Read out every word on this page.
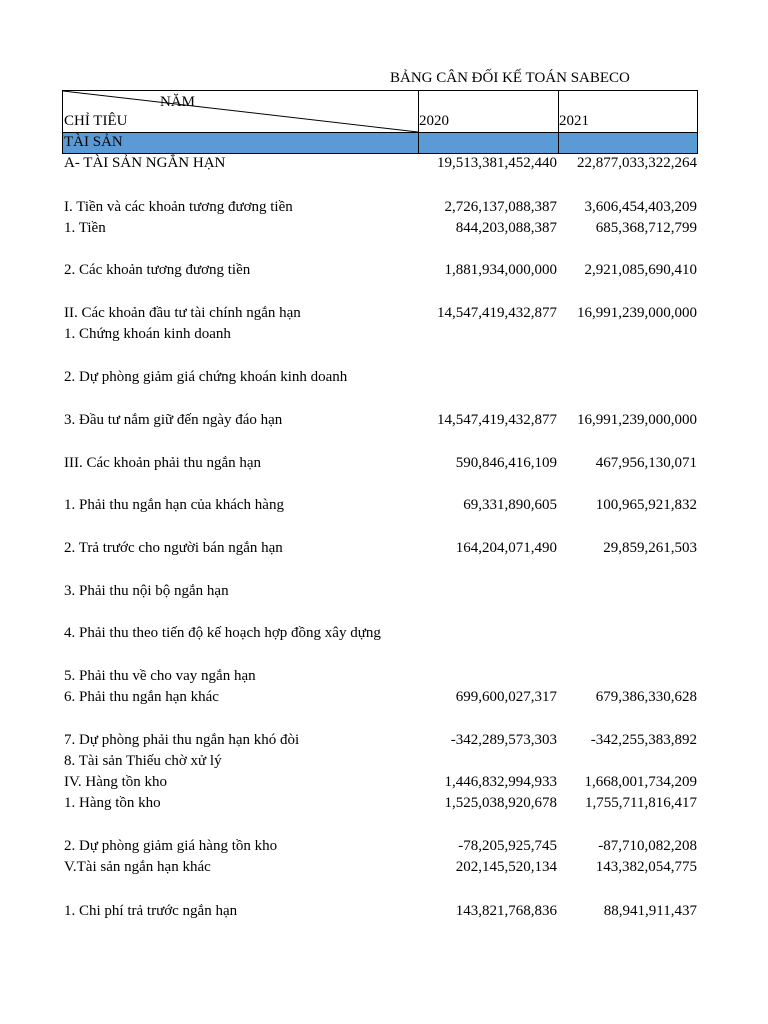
BẢNG CÂN ĐỐI KẾ TOÁN SABECO
NĂM
CHỈ TIÊU	2020	2021
TÀI SẢN
A- TÀI SẢN NGẮN HẠN	19,513,381,452,440 22,877,033,322,264
I. Tiền và các khoản tương đương tiền	2,726,137,088,387 3,606,454,403,209
1. Tiền	844,203,088,387	685,368,712,799
2. Các khoản tương đương tiền	1,881,934,000,000 2,921,085,690,410
II. Các khoản đầu tư tài chính ngắn hạn	14,547,419,432,877 16,991,239,000,000
1. Chứng khoán kinh doanh
2. Dự phòng giảm giá chứng khoán kinh doanh
3. Đầu tư nắm giữ đến ngày đáo hạn	14,547,419,432,877 16,991,239,000,000
III. Các khoản phải thu ngắn hạn	590,846,416,109	467,956,130,071
1. Phải thu ngắn hạn của khách hàng	69,331,890,605	100,965,921,832
2. Trả trước cho người bán ngắn hạn	164,204,071,490	29,859,261,503
3. Phải thu nội bộ ngắn hạn
4. Phải thu theo tiến độ kế hoạch hợp đồng xây dựng
5. Phải thu về cho vay ngắn hạn
6. Phải thu ngắn hạn khác	699,600,027,317	679,386,330,628
7. Dự phòng phải thu ngắn hạn khó đòi	-342,289,573,303 -342,255,383,892
8. Tài sản Thiếu chờ xử lý
IV. Hàng tồn kho	1,446,832,994,933 1,668,001,734,209
1. Hàng tồn kho	1,525,038,920,678 1,755,711,816,417
2. Dự phòng giảm giá hàng tồn kho	-78,205,925,745	-87,710,082,208
V.Tài sản ngắn hạn khác	202,145,520,134	143,382,054,775
1. Chi phí trả trước ngắn hạn	143,821,768,836	88,941,911,437
